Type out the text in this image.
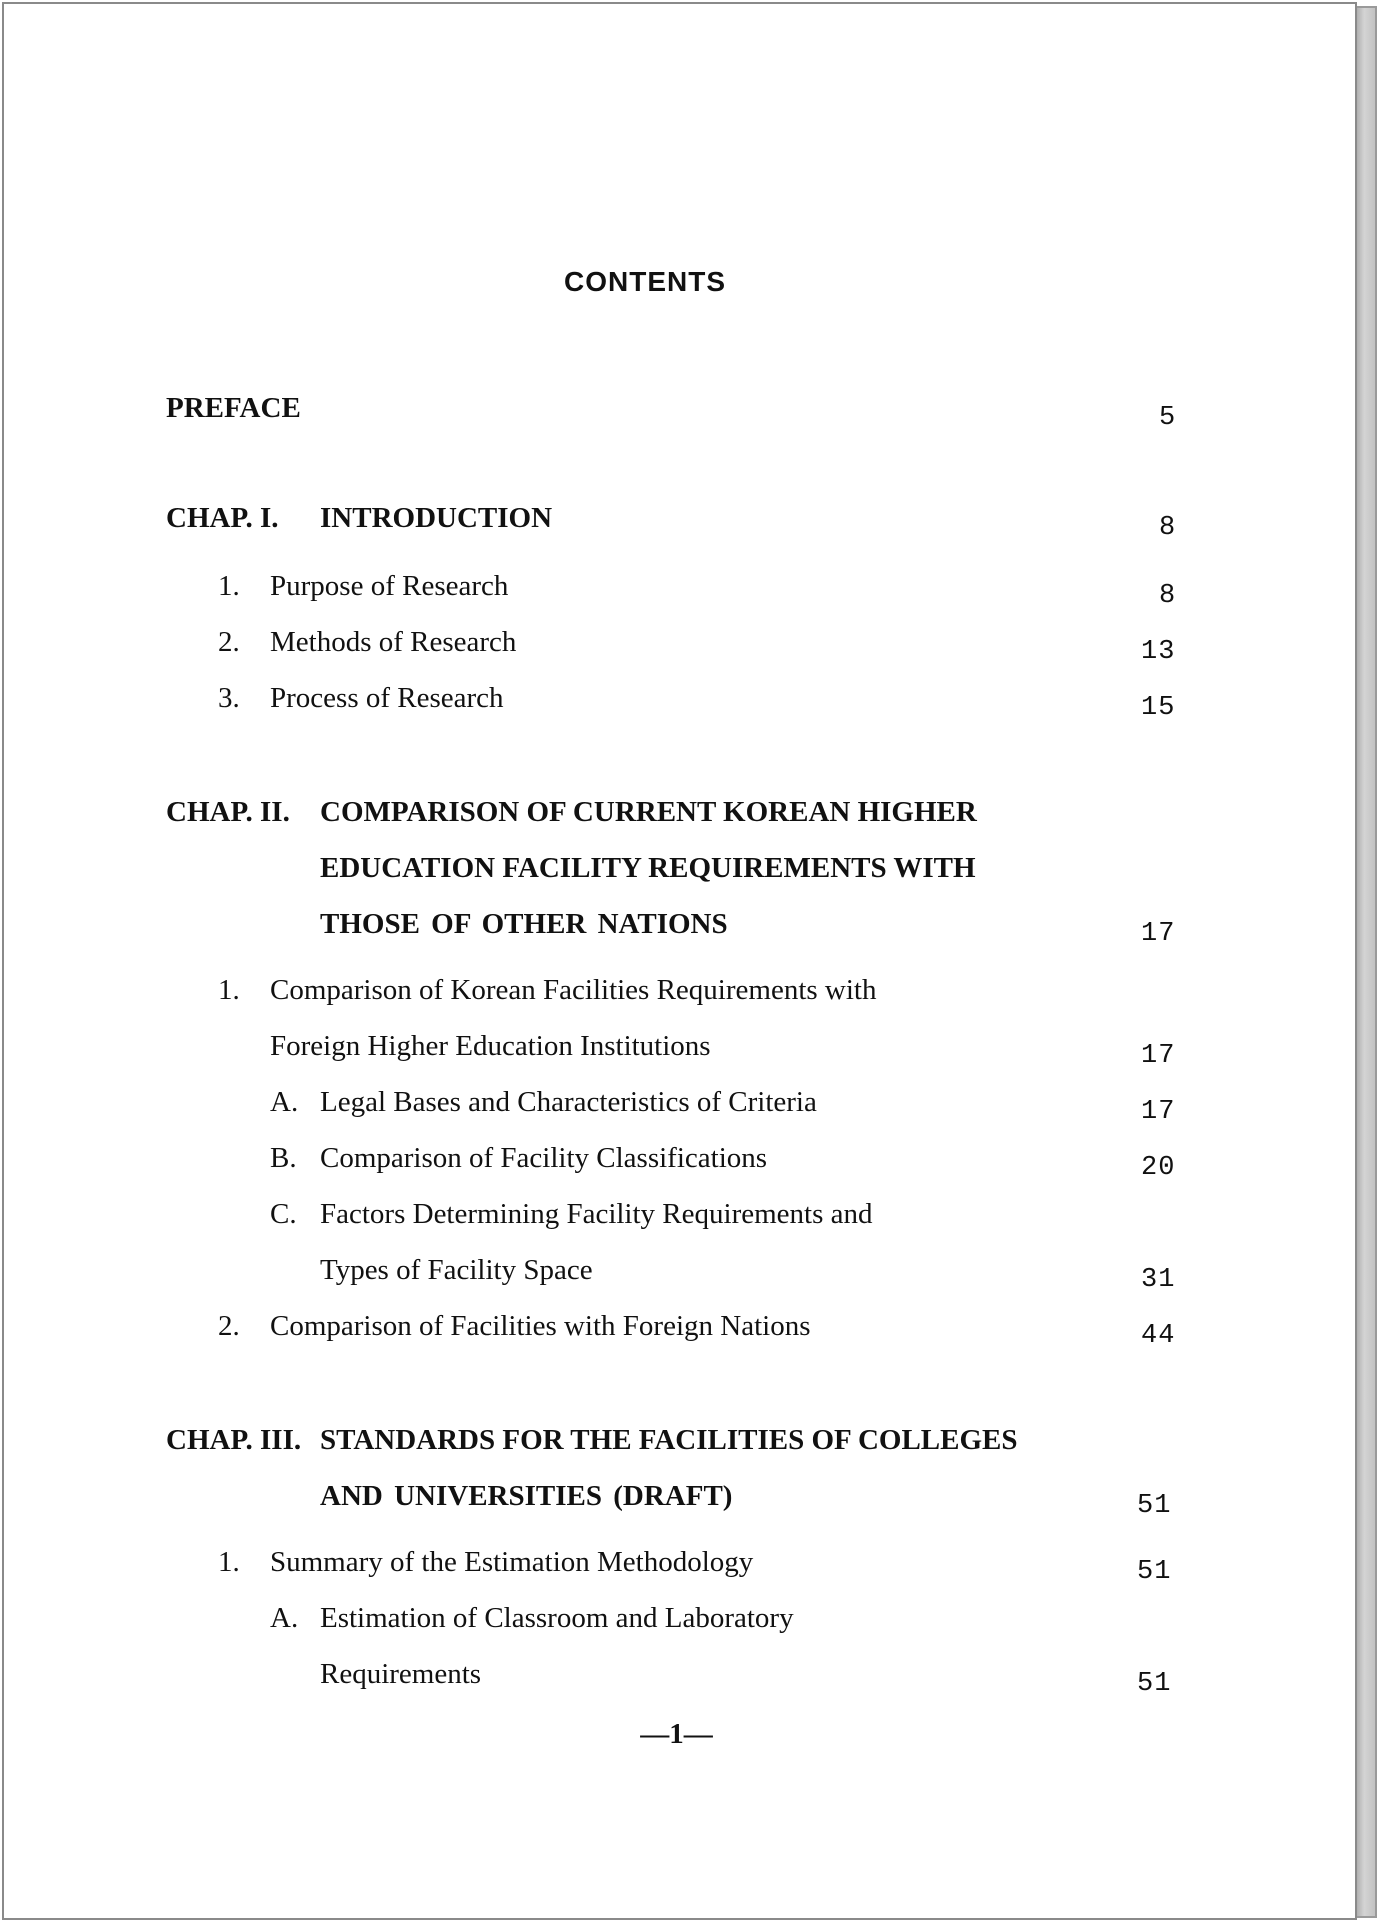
CONTENTS
PREFACE	5
CHAP. I. INTRODUCTION	8
1. Purpose of Research	8
2. Methods of Research	13
3. Process of Research	15
CHAP. II. COMPARISON OF CURRENT KOREAN HIGHER
EDUCATION FACILITY REQUIREMENTS WITH
THOSE OF OTHER NATIONS	17
1. Comparison of Korean Facilities Requirements with
Foreign Higher Education Institutions	17
A. Legal Bases and Characteristics of Criteria	17
B. Comparison of Facility Classifications	20
C. Factors Determining Facility Requirements and
Types of Facility Space	31
2. Comparison of Facilities with Foreign Nations	44
CHAP. III. STANDARDS FOR THE FACILITIES OF COLLEGES
AND UNIVERSITIES (DRAFT)	51
1. Summary of the Estimation Methodology	51
A. Estimation of Classroom and Laboratory
Requirements	51
—1—
